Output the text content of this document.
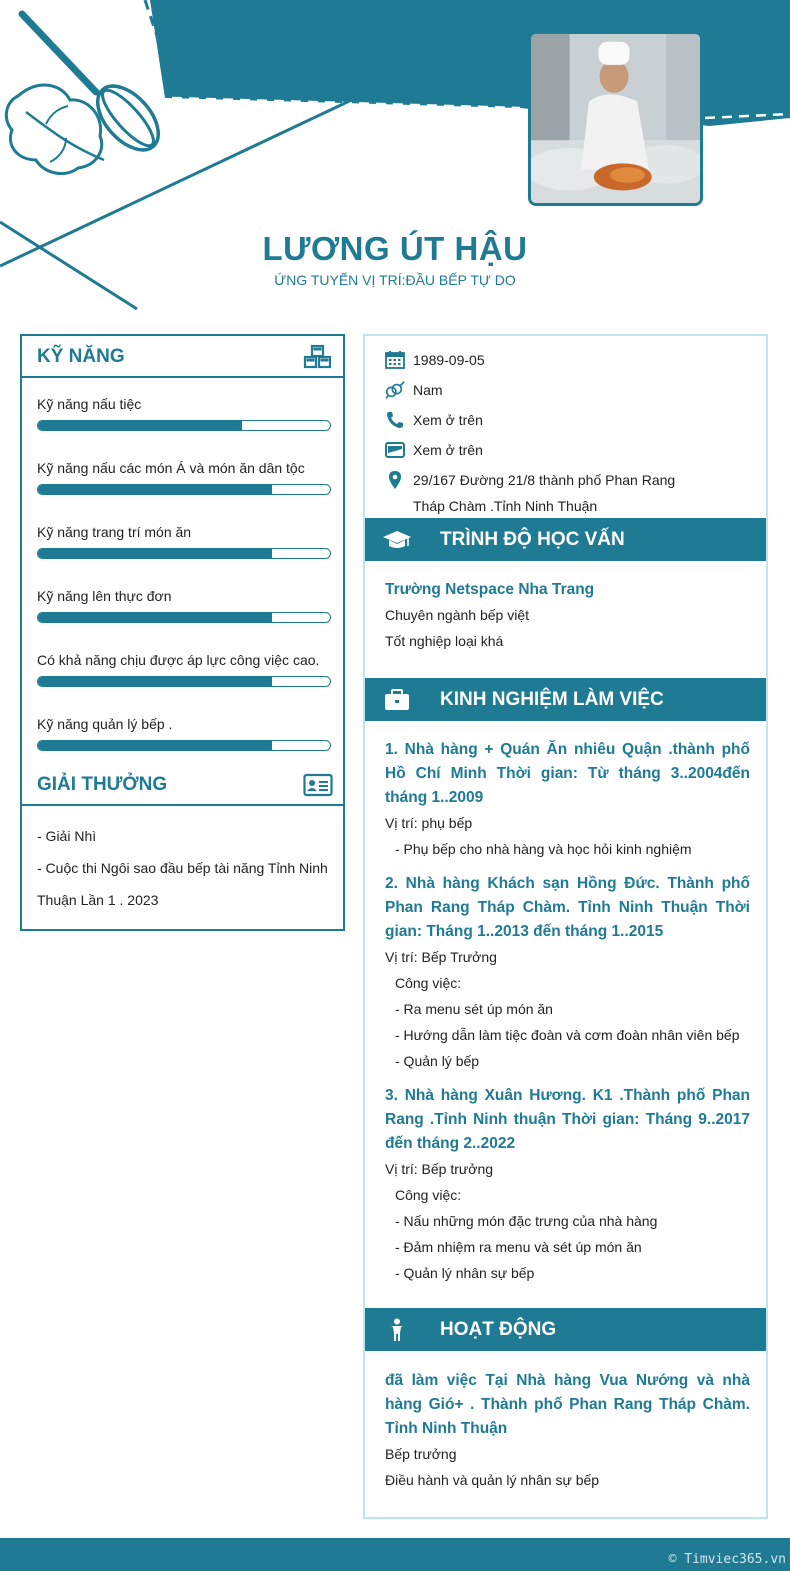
LƯƠNG ÚT HẬU
ỨNG TUYỂN VỊ TRÍ:ĐẦU BẾP TỰ DO
KỸ NĂNG
Kỹ năng nấu tiệc
Kỹ năng nấu các món Á và món ăn dân tộc
Kỹ năng trang trí món ăn
Kỹ năng lên thực đơn
Có khả năng chịu được áp lực công việc cao.
Kỹ năng quản lý bếp .
GIẢI THƯỞNG
- Giải Nhì
- Cuộc thi Ngôi sao đầu bếp tài năng Tỉnh Ninh
Thuận Lần 1 . 2023
1989-09-05
Nam
Xem ở trên
Xem ở trên
29/167 Đường 21/8 thành phố Phan Rang
Tháp Chàm .Tỉnh Ninh Thuận
TRÌNH ĐỘ HỌC VẤN
Trường Netspace Nha Trang
Chuyên ngành bếp việt
Tốt nghiệp loại khá
KINH NGHIỆM LÀM VIỆC
1. Nhà hàng + Quán Ăn nhiêu Quận .thành phố Hồ Chí Minh Thời gian: Từ tháng 3..2004đến tháng 1..2009
Vị trí: phụ bếp
- Phụ bếp cho nhà hàng và học hỏi kinh nghiệm
2. Nhà hàng Khách sạn Hồng Đức. Thành phố Phan Rang Tháp Chàm. Tỉnh Ninh Thuận Thời gian: Tháng 1..2013 đến tháng 1..2015
Vị trí: Bếp Trưởng
Công việc:
- Ra menu sét úp món ăn
- Hướng dẫn làm tiệc đoàn và cơm đoàn nhân viên bếp
- Quản lý bếp
3. Nhà hàng Xuân Hương. K1 .Thành phố Phan Rang .Tỉnh Ninh thuận Thời gian: Tháng 9..2017 đến tháng 2..2022
Vị trí: Bếp trưởng
Công việc:
- Nấu những món đặc trưng của nhà hàng
- Đảm nhiệm ra menu và sét úp món ăn
- Quản lý nhân sự bếp
HOẠT ĐỘNG
đã làm việc Tại Nhà hàng Vua Nướng và nhà hàng Gió+ . Thành phố Phan Rang Tháp Chàm. Tỉnh Ninh Thuận
Bếp trưởng
Điều hành và quản lý nhân sự bếp
© Timviec365.vn
